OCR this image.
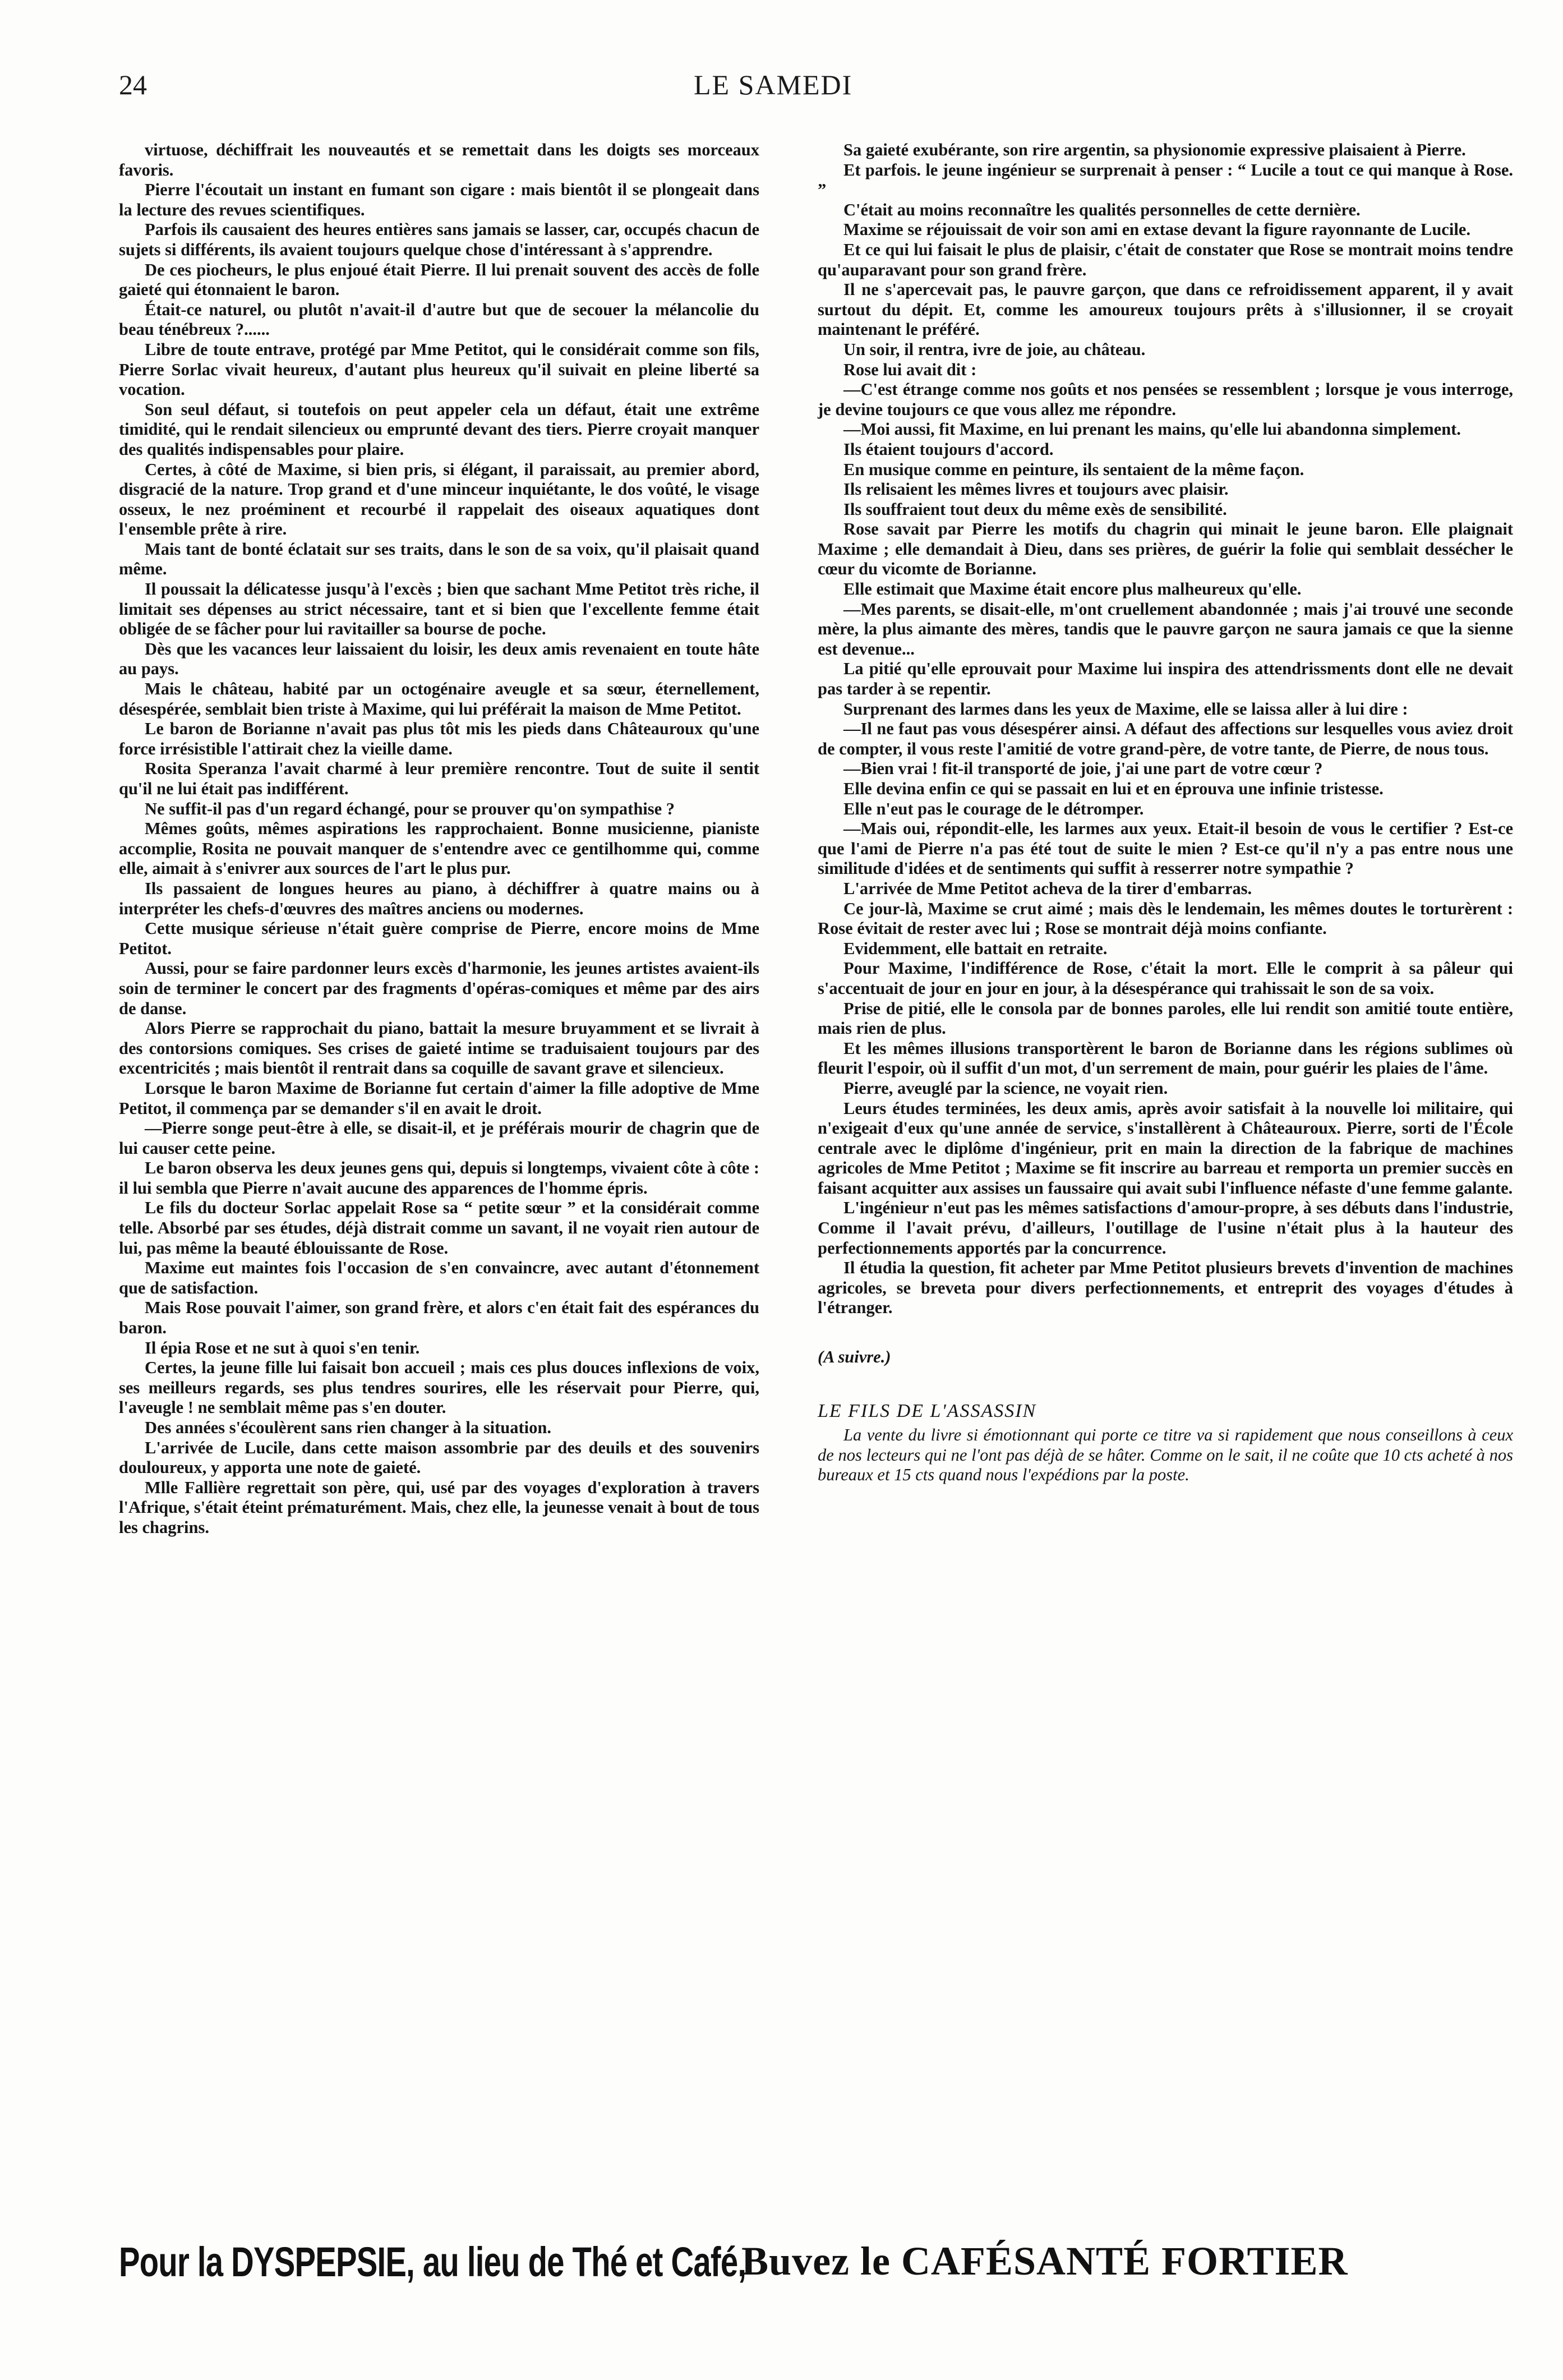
24	LE SAMEDI

virtuose, déchiffrait les nouveautés et se remettait dans les doigts ses morceaux favoris.

Pierre l'écoutait un instant en fumant son cigare : mais bientôt il se plongeait dans la lecture des revues scientifiques.

Parfois ils causaient des heures entières sans jamais se lasser, car, occupés chacun de sujets si différents, ils avaient toujours quelque chose d'intéressant à s'apprendre.

De ces piocheurs, le plus enjoué était Pierre. Il lui prenait souvent des accès de folle gaieté qui étonnaient le baron.

Était-ce naturel, ou plutôt n'avait-il d'autre but que de secouer la mélancolie du beau ténébreux ?......

Libre de toute entrave, protégé par Mme Petitot, qui le considérait comme son fils, Pierre Sorlac vivait heureux, d'autant plus heureux qu'il suivait en pleine liberté sa vocation.

Son seul défaut, si toutefois on peut appeler cela un défaut, était une extrême timidité, qui le rendait silencieux ou emprunté devant des tiers. Pierre croyait manquer des qualités indispensables pour plaire.

Certes, à côté de Maxime, si bien pris, si élégant, il paraissait, au premier abord, disgracié de la nature. Trop grand et d'une minceur inquiétante, le dos voûté, le visage osseux, le nez proéminent et recourbé il rappelait des oiseaux aquatiques dont l'ensemble prête à rire.

Mais tant de bonté éclatait sur ses traits, dans le son de sa voix, qu'il plaisait quand même.

Il poussait la délicatesse jusqu'à l'excès ; bien que sachant Mme Petitot très riche, il limitait ses dépenses au strict nécessaire, tant et si bien que l'excellente femme était obligée de se fâcher pour lui ravitailler sa bourse de poche.

Dès que les vacances leur laissaient du loisir, les deux amis revenaient en toute hâte au pays.

Mais le château, habité par un octogénaire aveugle et sa sœur, éternellement, désespérée, semblait bien triste à Maxime, qui lui préférait la maison de Mme Petitot.

Le baron de Borianne n'avait pas plus tôt mis les pieds dans Châteauroux qu'une force irrésistible l'attirait chez la vieille dame.

Rosita Speranza l'avait charmé à leur première rencontre. Tout de suite il sentit qu'il ne lui était pas indifférent.

Ne suffit-il pas d'un regard échangé, pour se prouver qu'on sympathise ?

Mêmes goûts, mêmes aspirations les rapprochaient. Bonne musicienne, pianiste accomplie, Rosita ne pouvait manquer de s'entendre avec ce gentilhomme qui, comme elle, aimait à s'enivrer aux sources de l'art le plus pur.

Ils passaient de longues heures au piano, à déchiffrer à quatre mains ou à interpréter les chefs-d'œuvres des maîtres anciens ou modernes.

Cette musique sérieuse n'était guère comprise de Pierre, encore moins de Mme Petitot.

Aussi, pour se faire pardonner leurs excès d'harmonie, les jeunes artistes avaient-ils soin de terminer le concert par des fragments d'opéras-comiques et même par des airs de danse.

Alors Pierre se rapprochait du piano, battait la mesure bruyamment et se livrait à des contorsions comiques. Ses crises de gaieté intime se traduisaient toujours par des excentricités ; mais bientôt il rentrait dans sa coquille de savant grave et silencieux.

Lorsque le baron Maxime de Borianne fut certain d'aimer la fille adoptive de Mme Petitot, il commença par se demander s'il en avait le droit.

—Pierre songe peut-être à elle, se disait-il, et je préférais mourir de chagrin que de lui causer cette peine.

Le baron observa les deux jeunes gens qui, depuis si longtemps, vivaient côte à côte : il lui sembla que Pierre n'avait aucune des apparences de l'homme épris.

Le fils du docteur Sorlac appelait Rose sa “ petite sœur ” et la considérait comme telle. Absorbé par ses études, déjà distrait comme un savant, il ne voyait rien autour de lui, pas même la beauté éblouissante de Rose.

Maxime eut maintes fois l'occasion de s'en convaincre, avec autant d'étonnement que de satisfaction.

Mais Rose pouvait l'aimer, son grand frère, et alors c'en était fait des espérances du baron.

Il épia Rose et ne sut à quoi s'en tenir.

Certes, la jeune fille lui faisait bon accueil ; mais ces plus douces inflexions de voix, ses meilleurs regards, ses plus tendres sourires, elle les réservait pour Pierre, qui, l'aveugle ! ne semblait même pas s'en douter.

Des années s'écoulèrent sans rien changer à la situation.

L'arrivée de Lucile, dans cette maison assombrie par des deuils et des souvenirs douloureux, y apporta une note de gaieté.

Mlle Fallière regrettait son père, qui, usé par des voyages d'exploration à travers l'Afrique, s'était éteint prématurément. Mais, chez elle, la jeunesse venait à bout de tous les chagrins.

Sa gaieté exubérante, son rire argentin, sa physionomie expressive plaisaient à Pierre.

Et parfois. le jeune ingénieur se surprenait à penser : “ Lucile a tout ce qui manque à Rose. ”

C'était au moins reconnaître les qualités personnelles de cette dernière.

Maxime se réjouissait de voir son ami en extase devant la figure rayonnante de Lucile.

Et ce qui lui faisait le plus de plaisir, c'était de constater que Rose se montrait moins tendre qu'auparavant pour son grand frère.

Il ne s'apercevait pas, le pauvre garçon, que dans ce refroidissement apparent, il y avait surtout du dépit. Et, comme les amoureux toujours prêts à s'illusionner, il se croyait maintenant le préféré.

Un soir, il rentra, ivre de joie, au château.

Rose lui avait dit :

—C'est étrange comme nos goûts et nos pensées se ressemblent ; lorsque je vous interroge, je devine toujours ce que vous allez me répondre.

—Moi aussi, fit Maxime, en lui prenant les mains, qu'elle lui abandonna simplement.

Ils étaient toujours d'accord.

En musique comme en peinture, ils sentaient de la même façon.

Ils relisaient les mêmes livres et toujours avec plaisir.

Ils souffraient tout deux du même exès de sensibilité.

Rose savait par Pierre les motifs du chagrin qui minait le jeune baron. Elle plaignait Maxime ; elle demandait à Dieu, dans ses prières, de guérir la folie qui semblait dessécher le cœur du vicomte de Borianne.

Elle estimait que Maxime était encore plus malheureux qu'elle.

—Mes parents, se disait-elle, m'ont cruellement abandonnée ; mais j'ai trouvé une seconde mère, la plus aimante des mères, tandis que le pauvre garçon ne saura jamais ce que la sienne est devenue...

La pitié qu'elle eprouvait pour Maxime lui inspira des attendrissments dont elle ne devait pas tarder à se repentir.

Surprenant des larmes dans les yeux de Maxime, elle se laissa aller à lui dire :

—Il ne faut pas vous désespérer ainsi. A défaut des affections sur lesquelles vous aviez droit de compter, il vous reste l'amitié de votre grand-père, de votre tante, de Pierre, de nous tous.

—Bien vrai ! fit-il transporté de joie, j'ai une part de votre cœur ?

Elle devina enfin ce qui se passait en lui et en éprouva une infinie tristesse.

Elle n'eut pas le courage de le détromper.

—Mais oui, répondit-elle, les larmes aux yeux. Etait-il besoin de vous le certifier ? Est-ce que l'ami de Pierre n'a pas été tout de suite le mien ? Est-ce qu'il n'y a pas entre nous une similitude d'idées et de sentiments qui suffit à resserrer notre sympathie ?

L'arrivée de Mme Petitot acheva de la tirer d'embarras.

Ce jour-là, Maxime se crut aimé ; mais dès le lendemain, les mêmes doutes le torturèrent : Rose évitait de rester avec lui ; Rose se montrait déjà moins confiante.

Evidemment, elle battait en retraite.

Pour Maxime, l'indifférence de Rose, c'était la mort. Elle le comprit à sa pâleur qui s'accentuait de jour en jour en jour, à la désespérance qui trahissait le son de sa voix.

Prise de pitié, elle le consola par de bonnes paroles, elle lui rendit son amitié toute entière, mais rien de plus.

Et les mêmes illusions transportèrent le baron de Borianne dans les régions sublimes où fleurit l'espoir, où il suffit d'un mot, d'un serrement de main, pour guérir les plaies de l'âme.

Pierre, aveuglé par la science, ne voyait rien.

Leurs études terminées, les deux amis, après avoir satisfait à la nouvelle loi militaire, qui n'exigeait d'eux qu'une année de service, s'installèrent à Châteauroux. Pierre, sorti de l'École centrale avec le diplôme d'ingénieur, prit en main la direction de la fabrique de machines agricoles de Mme Petitot ; Maxime se fit inscrire au barreau et remporta un premier succès en faisant acquitter aux assises un faussaire qui avait subi l'influence néfaste d'une femme galante.

L'ingénieur n'eut pas les mêmes satisfactions d'amour-propre, à ses débuts dans l'industrie, Comme il l'avait prévu, d'ailleurs, l'outillage de l'usine n'était plus à la hauteur des perfectionnements apportés par la concurrence.

Il étudia la question, fit acheter par Mme Petitot plusieurs brevets d'invention de machines agricoles, se breveta pour divers perfectionnements, et entreprit des voyages d'études à l'étranger.

(A suivre.)

LE FILS DE L'ASSASSIN

La vente du livre si émotionnant qui porte ce titre va si rapidement que nous conseillons à ceux de nos lecteurs qui ne l'ont pas déjà de se hâter. Comme on le sait, il ne coûte que 10 cts acheté à nos bureaux et 15 cts quand nous l'expédions par la poste.

Pour la DYSPEPSIE, au lieu de Thé et Café,
Buvez le CAFÉSANTÉ FORTIER
